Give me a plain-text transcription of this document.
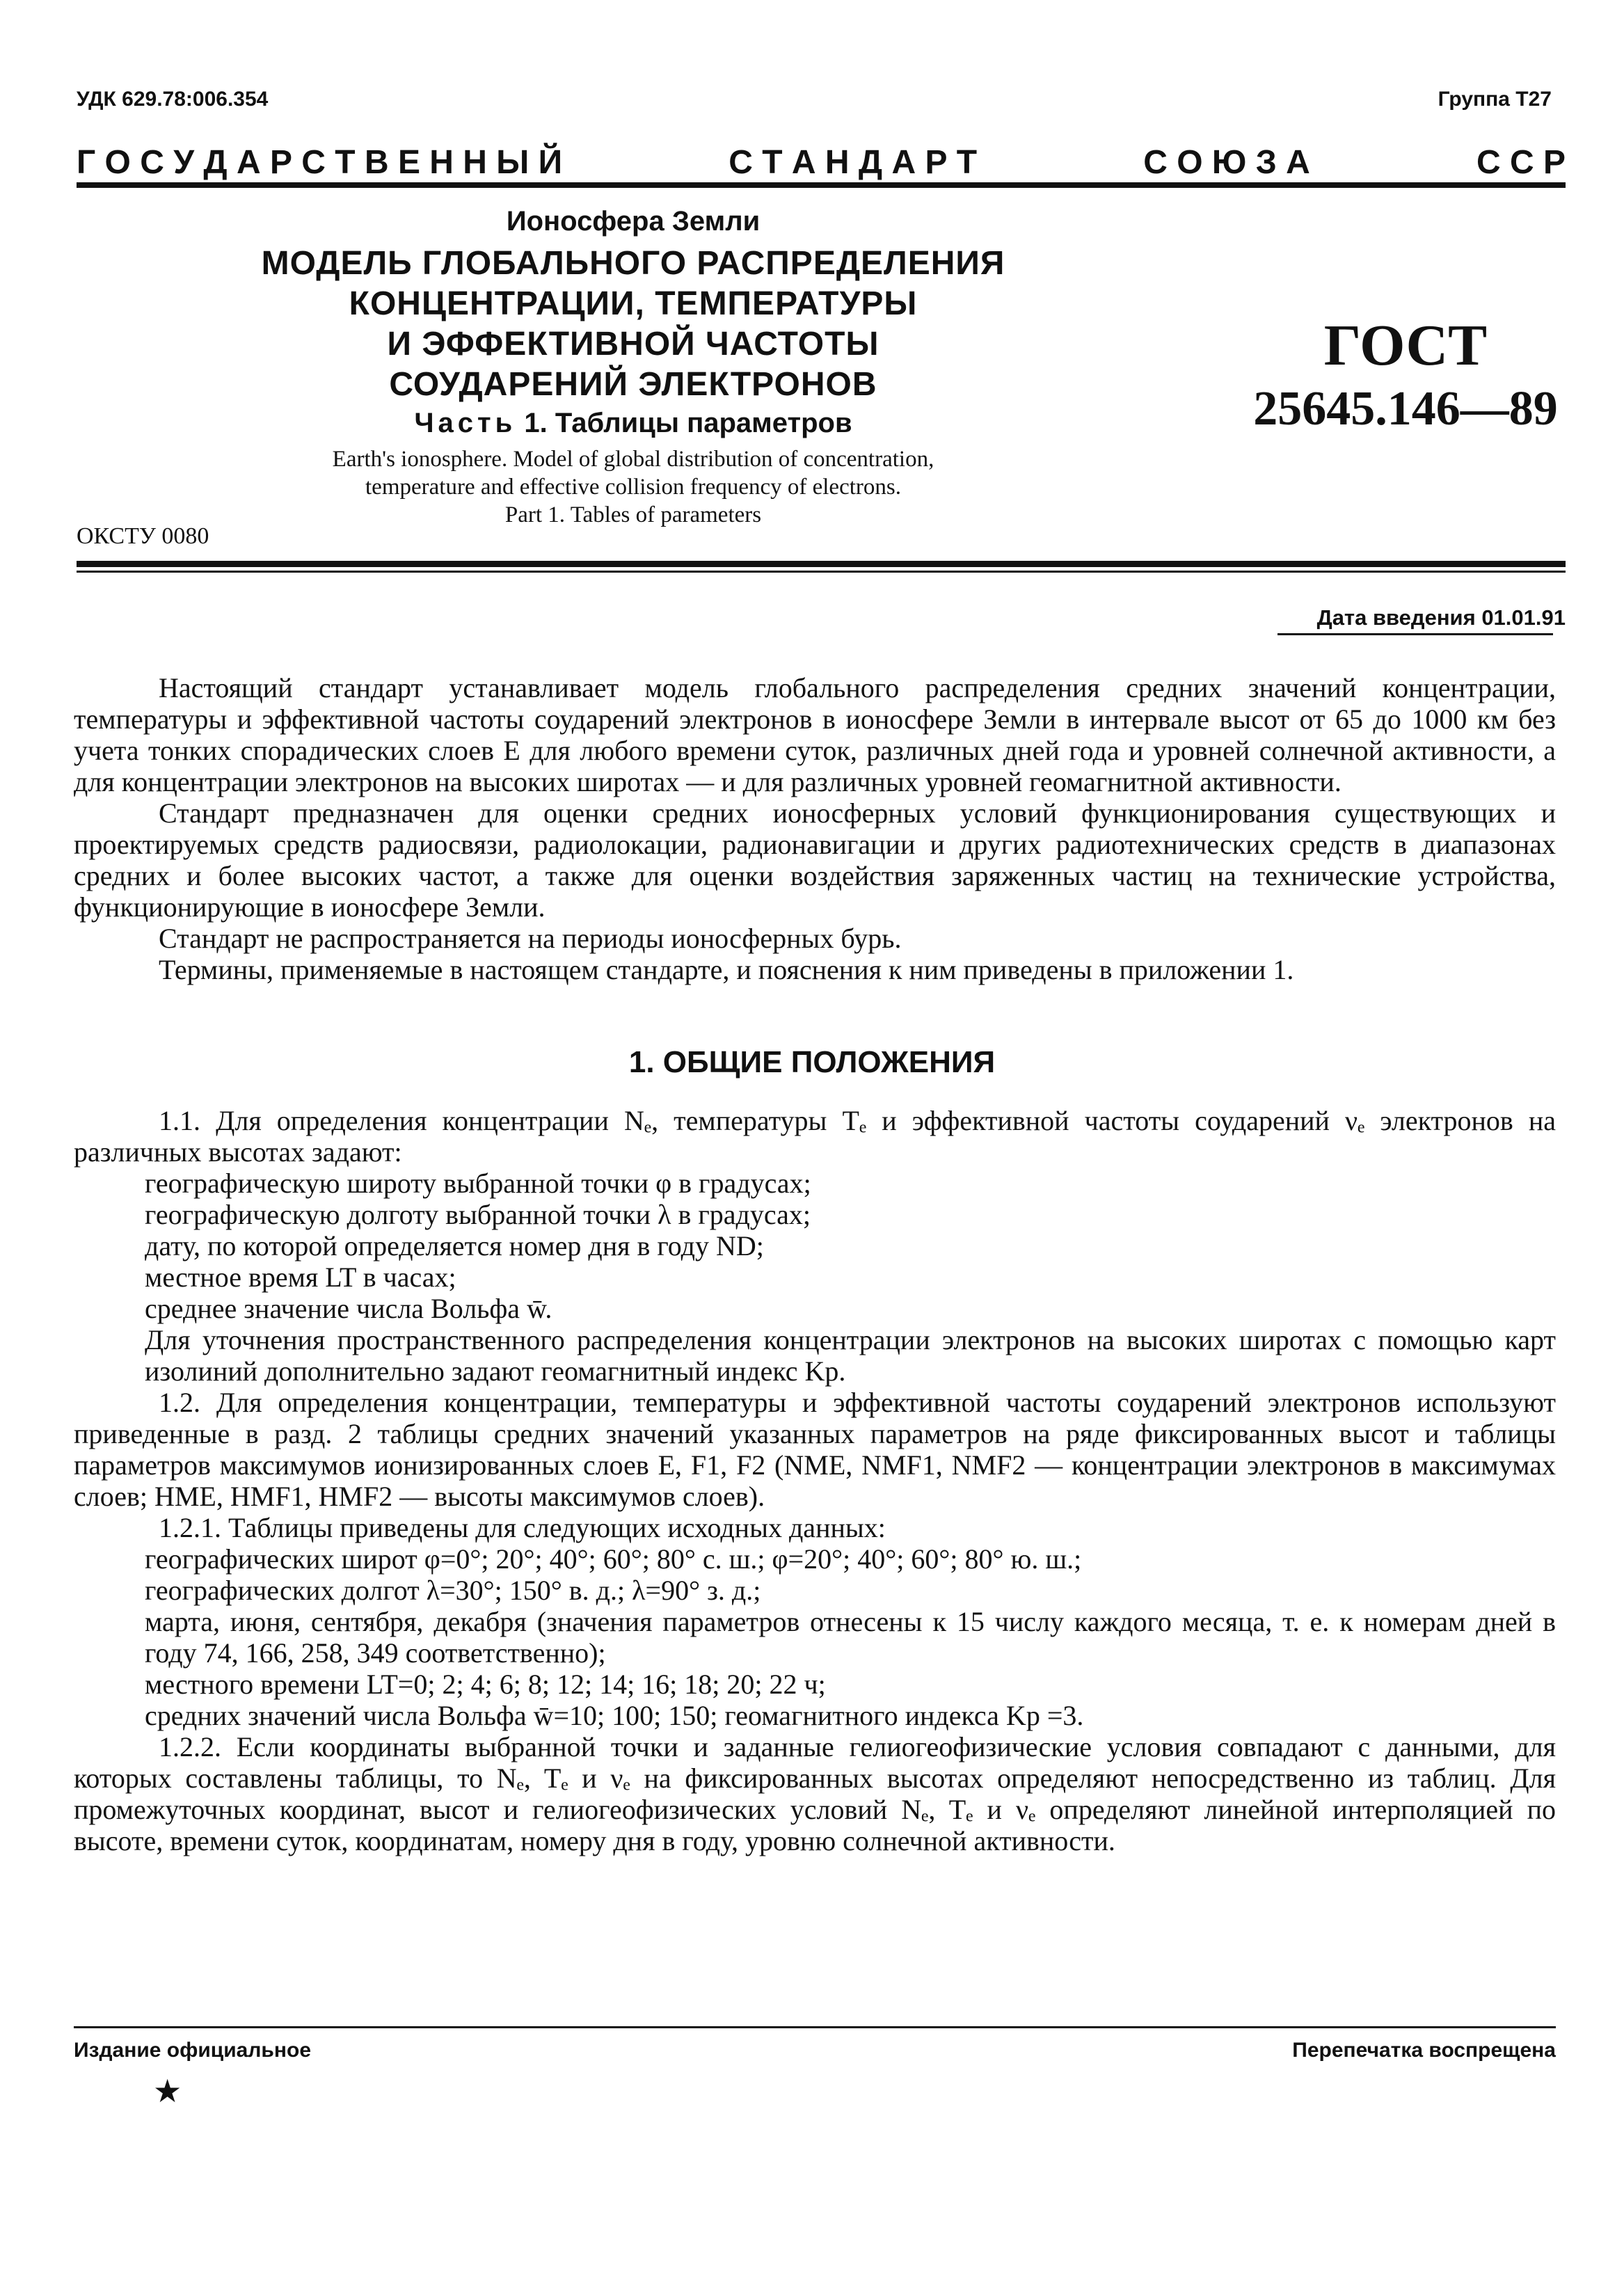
УДК 629.78:006.354	Группа Т27
Г О С У Д А Р С Т В Е Н Н Ы Й	С Т А Н Д А Р Т	С О Ю З А	С С Р
Ионосфера Земли
МОДЕЛЬ ГЛОБАЛЬНОГО РАСПРЕДЕЛЕНИЯ
КОНЦЕНТРАЦИИ, ТЕМПЕРАТУРЫ
И ЭФФЕКТИВНОЙ ЧАСТОТЫ
СОУДАРЕНИЙ ЭЛЕКТРОНОВ
Часть 1. Таблицы параметров
Earth's ionosphere. Model of global distribution of concentration,
temperature and effective collision frequency of electrons.
Part 1. Tables of parameters
ГОСТ
25645.146—89
ОКСТУ 0080
Дата введения 01.01.91

Настоящий стандарт устанавливает модель глобального распределения средних значений концентрации, температуры и эффективной частоты соударений электронов в ионосфере Земли в интервале высот от 65 до 1000 км без учета тонких спорадических слоев E для любого времени суток, различных дней года и уровней солнечной активности, а для концентрации электронов на высоких широтах — и для различных уровней геомагнитной активности.

Стандарт предназначен для оценки средних ионосферных условий функционирования существующих и проектируемых средств радиосвязи, радиолокации, радионавигации и других радиотехнических средств в диапазонах средних и более высоких частот, а также для оценки воздействия заряженных частиц на технические устройства, функционирующие в ионосфере Земли.

Стандарт не распространяется на периоды ионосферных бурь.

Термины, применяемые в настоящем стандарте, и пояснения к ним приведены в приложении 1.

1. ОБЩИЕ ПОЛОЖЕНИЯ

1.1. Для определения концентрации Nₑ, температуры Tₑ и эффективной частоты соударений νₑ электронов на различных высотах задают:

географическую широту выбранной точки φ в градусах;

географическую долготу выбранной точки λ в градусах;

дату, по которой определяется номер дня в году ND;

местное время LT в часах;

среднее значение числа Вольфа w̄.

Для уточнения пространственного распределения концентрации электронов на высоких широтах с помощью карт изолиний дополнительно задают геомагнитный индекс Kp.

1.2. Для определения концентрации, температуры и эффективной частоты соударений электронов используют приведенные в разд. 2 таблицы средних значений указанных параметров на ряде фиксированных высот и таблицы параметров максимумов ионизированных слоев E, F1, F2 (NME, NMF1, NMF2 — концентрации электронов в максимумах слоев; HME, HMF1, HMF2 — высоты максимумов слоев).

1.2.1. Таблицы приведены для следующих исходных данных:

географических широт φ=0°; 20°; 40°; 60°; 80° с. ш.; φ=20°; 40°; 60°; 80° ю. ш.;

географических долгот λ=30°; 150° в. д.; λ=90° з. д.;

марта, июня, сентября, декабря (значения параметров отнесены к 15 числу каждого месяца, т. е. к номерам дней в году 74, 166, 258, 349 соответственно);

местного времени LT=0; 2; 4; 6; 8; 12; 14; 16; 18; 20; 22 ч;

средних значений числа Вольфа w̄=10; 100; 150; геомагнитного индекса Kp =3.

1.2.2. Если координаты выбранной точки и заданные гелиогеофизические условия совпадают с данными, для которых составлены таблицы, то Nₑ, Tₑ и νₑ на фиксированных высотах определяют непосредственно из таблиц. Для промежуточных координат, высот и гелиогеофизических условий Nₑ, Tₑ и νₑ определяют линейной интерполяцией по высоте, времени суток, координатам, номеру дня в году, уровню солнечной активности.

Издание официальное	Перепечатка воспрещена
★
